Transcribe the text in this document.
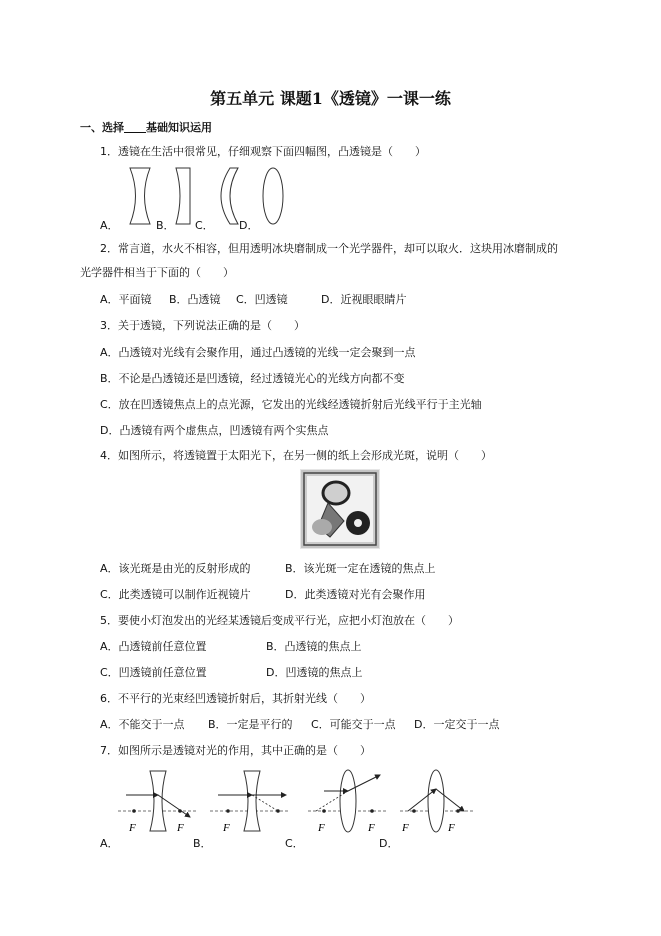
第五单元 课题1《透镜》一课一练
一、选择　　 基础知识运用
1．透镜在生活中很常见，仔细观察下面四幅图，凸透镜是（　　）
A．	B． C． D．
2．常言道，水火不相容，但用透明冰块磨制成一个光学器件，却可以取火．这块用冰磨制成的
光学器件相当于下面的（　　）
A．平面镜 B．凸透镜 C．凹透镜	D．近视眼眼睛片
3．关于透镜，下列说法正确的是（　　）
A．凸透镜对光线有会聚作用，通过凸透镜的光线一定会聚到一点
B．不论是凸透镜还是凹透镜，经过透镜光心的光线方向都不变
C．放在凹透镜焦点上的点光源，它发出的光线经透镜折射后光线平行于主光轴
D．凸透镜有两个虚焦点，凹透镜有两个实焦点
4．如图所示，将透镜置于太阳光下，在另一侧的纸上会形成光斑，说明（　　）
A．该光斑是由光的反射形成的	B．该光斑一定在透镜的焦点上
C．此类透镜可以制作近视镜片	D．此类透镜对光有会聚作用
5．要使小灯泡发出的光经某透镜后变成平行光，应把小灯泡放在（　　）
A．凸透镜前任意位置	B．凸透镜的焦点上
C．凹透镜前任意位置	D．凹透镜的焦点上
6．不平行的光束经凹透镜折射后，其折射光线（　　）
A．不能交于一点 B．一定是平行的 C．可能交于一点 D．一定交于一点
7．如图所示是透镜对光的作用，其中正确的是（　　）
F	F	F	F	F F	F
A．	B．	C．	D．
